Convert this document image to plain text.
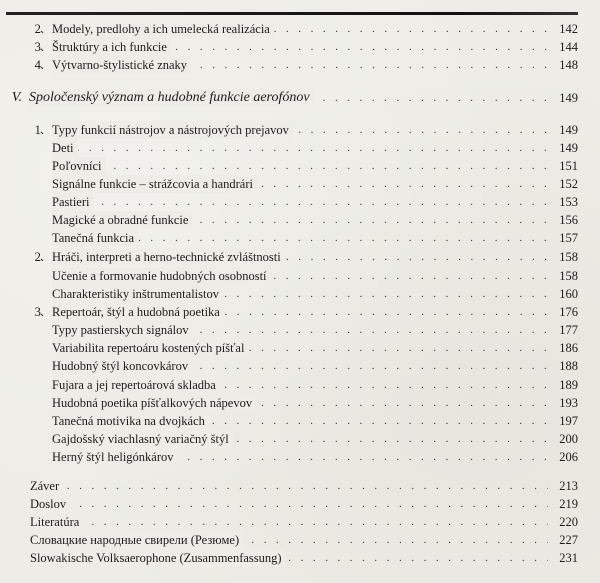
2. . . . Modely, predlohy a ich umelecká realizácia	142
3. . . . Štruktúry a ich funkcie	144
4. . . . Výtvarno-štylistické znaky	148
V. . . . Spoločenský význam a hudobné funkcie aerofónov	149
1. . . . Typy funkcií nástrojov a nástrojových prejavov	149
. . .
Deti	149
. . .
Poľovníci	151
. . .
Signálne funkcie – strážcovia a handrári	152
. . .
Pastieri	153
. . .
Magické a obradné funkcie	156
. . .
Tanečná funkcia	157
2. . . . Hráči, interpreti a herno-technické zvláštnosti	158
. . .
Učenie a formovanie hudobných osobností	158
. . .
Charakteristiky inštrumentalistov	160
3. . . . Repertoár, štýl a hudobná poetika	176
. . .
Typy pastierskych signálov	177
. . .
Variabilita repertoáru kostených píšťal	186
. . .
Hudobný štýl koncovkárov	188
. . .
Fujara a jej repertoárová skladba	189
. . .
Hudobná poetika píšťalkových nápevov	193
. . .
Tanečná motivika na dvojkách	197
. . .
Gajdošský viachlasný variačný štýl	200
. . .
Herný štýl heligónkárov	206
. . .
Záver	213
. . .
Doslov	219
. . .
Literatúra	220
. . .
Словацкие народные свирели (Резюме)	227
. . .
Slowakische Volksaerophone (Zusammenfassung)	231
